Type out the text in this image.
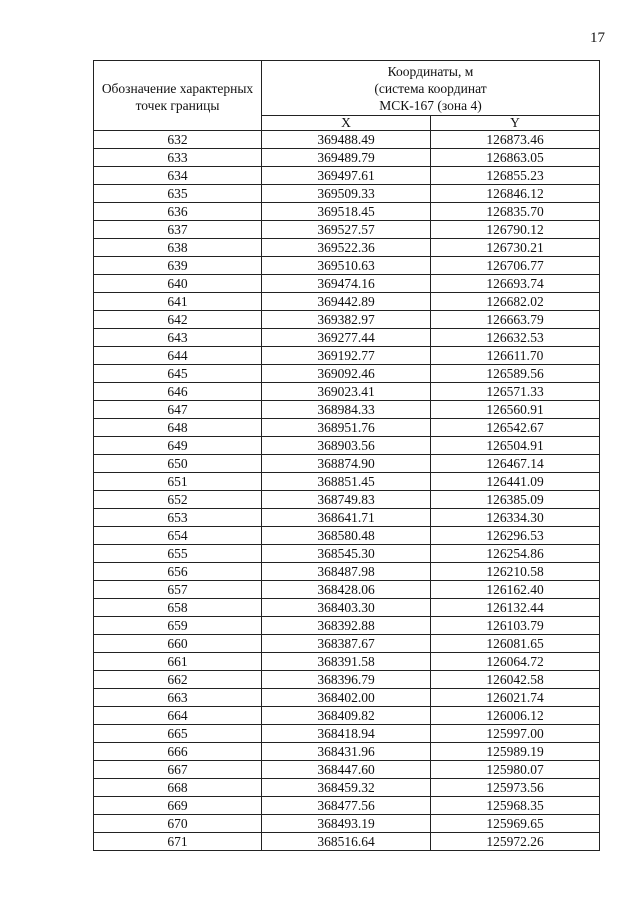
17
Обозначение характерных точек границы	Координаты, м
(система координат
МСК-167 (зона 4)	

	X	Y
632	369488.49	126873.46
633	369489.79	126863.05
634	369497.61	126855.23
635	369509.33	126846.12
636	369518.45	126835.70
637	369527.57	126790.12
638	369522.36	126730.21
639	369510.63	126706.77
640	369474.16	126693.74
641	369442.89	126682.02
642	369382.97	126663.79
643	369277.44	126632.53
644	369192.77	126611.70
645	369092.46	126589.56
646	369023.41	126571.33
647	368984.33	126560.91
648	368951.76	126542.67
649	368903.56	126504.91
650	368874.90	126467.14
651	368851.45	126441.09
652	368749.83	126385.09
653	368641.71	126334.30
654	368580.48	126296.53
655	368545.30	126254.86
656	368487.98	126210.58
657	368428.06	126162.40
658	368403.30	126132.44
659	368392.88	126103.79
660	368387.67	126081.65
661	368391.58	126064.72
662	368396.79	126042.58
663	368402.00	126021.74
664	368409.82	126006.12
665	368418.94	125997.00
666	368431.96	125989.19
667	368447.60	125980.07
668	368459.32	125973.56
669	368477.56	125968.35
670	368493.19	125969.65
671	368516.64	125972.26
